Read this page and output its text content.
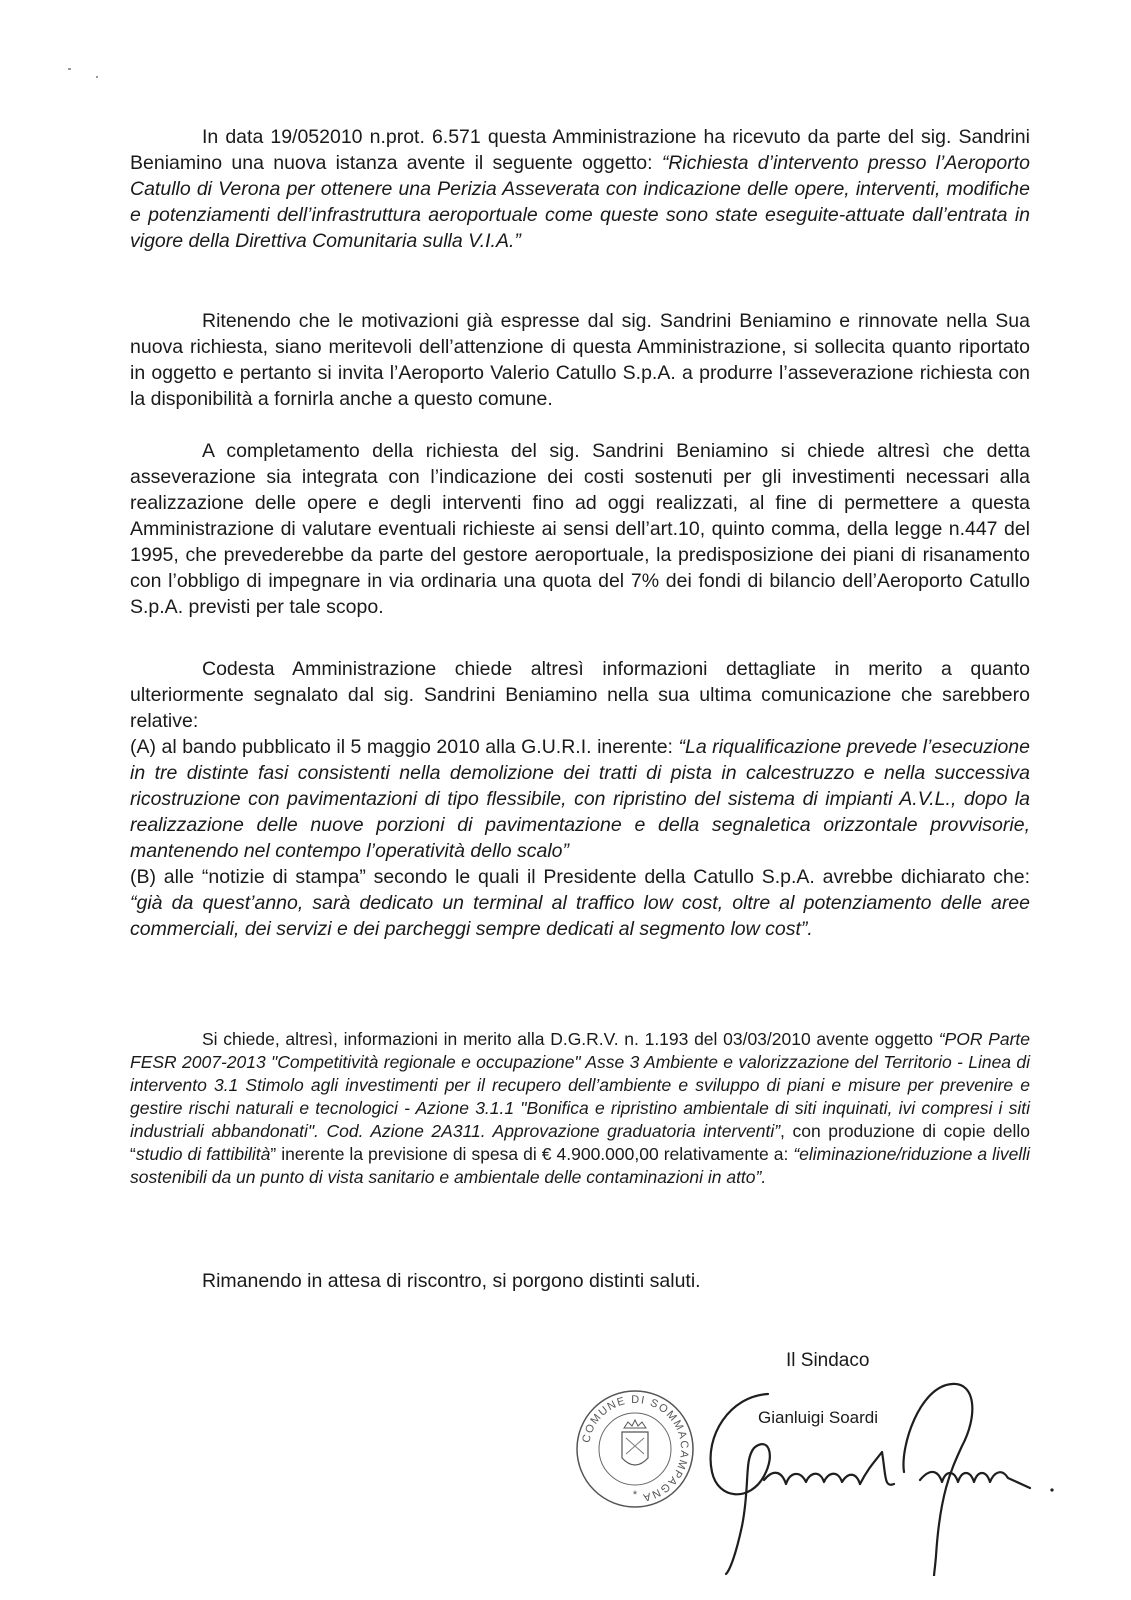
In data 19/052010 n.prot. 6.571 questa Amministrazione ha ricevuto da parte del sig. Sandrini Beniamino una nuova istanza avente il seguente oggetto: “Richiesta d’intervento presso l’Aeroporto Catullo di Verona per ottenere una Perizia Asseverata con indicazione delle opere, interventi, modifiche e potenziamenti dell’infrastruttura aeroportuale come queste sono state eseguite-attuate dall’entrata in vigore della Direttiva Comunitaria sulla V.I.A.”

Ritenendo che le motivazioni già espresse dal sig. Sandrini Beniamino e rinnovate nella Sua nuova richiesta, siano meritevoli dell’attenzione di questa Amministrazione, si sollecita quanto riportato in oggetto e pertanto si invita l’Aeroporto Valerio Catullo S.p.A. a produrre l’asseverazione richiesta con la disponibilità a fornirla anche a questo comune.

A completamento della richiesta del sig. Sandrini Beniamino si chiede altresì che detta asseverazione sia integrata con l’indicazione dei costi sostenuti per gli investimenti necessari alla realizzazione delle opere e degli interventi fino ad oggi realizzati, al fine di permettere a questa Amministrazione di valutare eventuali richieste ai sensi dell’art.10, quinto comma, della legge n.447 del 1995, che prevederebbe da parte del gestore aeroportuale, la predisposizione dei piani di risanamento con l’obbligo di impegnare in via ordinaria una quota del 7% dei fondi di bilancio dell’Aeroporto Catullo S.p.A. previsti per tale scopo.

Codesta Amministrazione chiede altresì informazioni dettagliate in merito a quanto ulteriormente segnalato dal sig. Sandrini Beniamino nella sua ultima comunicazione che sarebbero relative:
(A) al bando pubblicato il 5 maggio 2010 alla G.U.R.I. inerente: “La riqualificazione prevede l’esecuzione in tre distinte fasi consistenti nella demolizione dei tratti di pista in calcestruzzo e nella successiva ricostruzione con pavimentazioni di tipo flessibile, con ripristino del sistema di impianti A.V.L., dopo la realizzazione delle nuove porzioni di pavimentazione e della segnaletica orizzontale provvisorie, mantenendo nel contempo l’operatività dello scalo”
(B) alle “notizie di stampa” secondo le quali il Presidente della Catullo S.p.A. avrebbe dichiarato che: “già da quest’anno, sarà dedicato un terminal al traffico low cost, oltre al potenziamento delle aree commerciali, dei servizi e dei parcheggi sempre dedicati al segmento low cost”.

Si chiede, altresì, informazioni in merito alla D.G.R.V. n. 1.193 del 03/03/2010 avente oggetto “POR Parte FESR 2007-2013 "Competitività regionale e occupazione" Asse 3 Ambiente e valorizzazione del Territorio - Linea di intervento 3.1 Stimolo agli investimenti per il recupero dell’ambiente e sviluppo di piani e misure per prevenire e gestire rischi naturali e tecnologici - Azione 3.1.1 "Bonifica e ripristino ambientale di siti inquinati, ivi compresi i siti industriali abbandonati". Cod. Azione 2A311. Approvazione graduatoria interventi”, con produzione di copie dello “studio di fattibilità” inerente la previsione di spesa di € 4.900.000,00 relativamente a: “eliminazione/riduzione a livelli sostenibili da un punto di vista sanitario e ambientale delle contaminazioni in atto”.

Rimanendo in attesa di riscontro, si porgono distinti saluti.

Il Sindaco
COMUNE DI SOMMACAMPAGNA
*
Gianluigi Soardi
